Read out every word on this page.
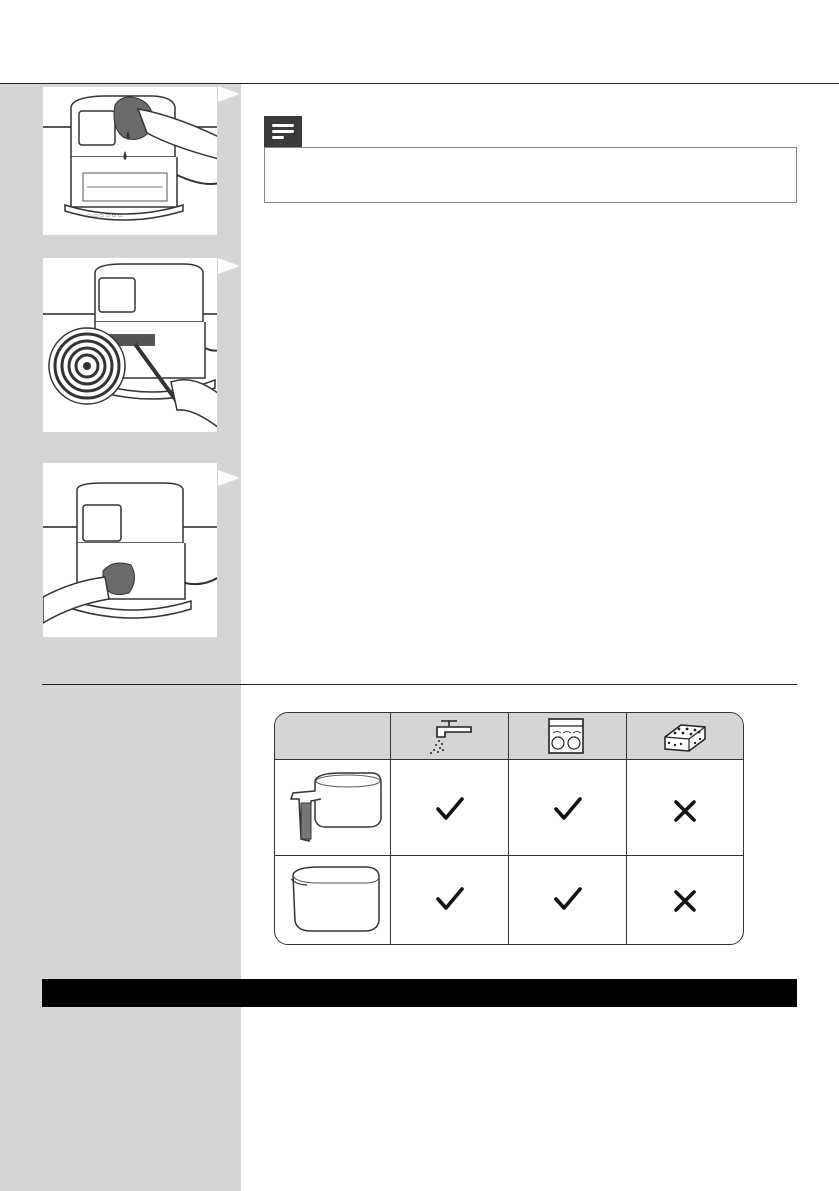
▭ ▭ ▭ ▭ ▭ ▭
